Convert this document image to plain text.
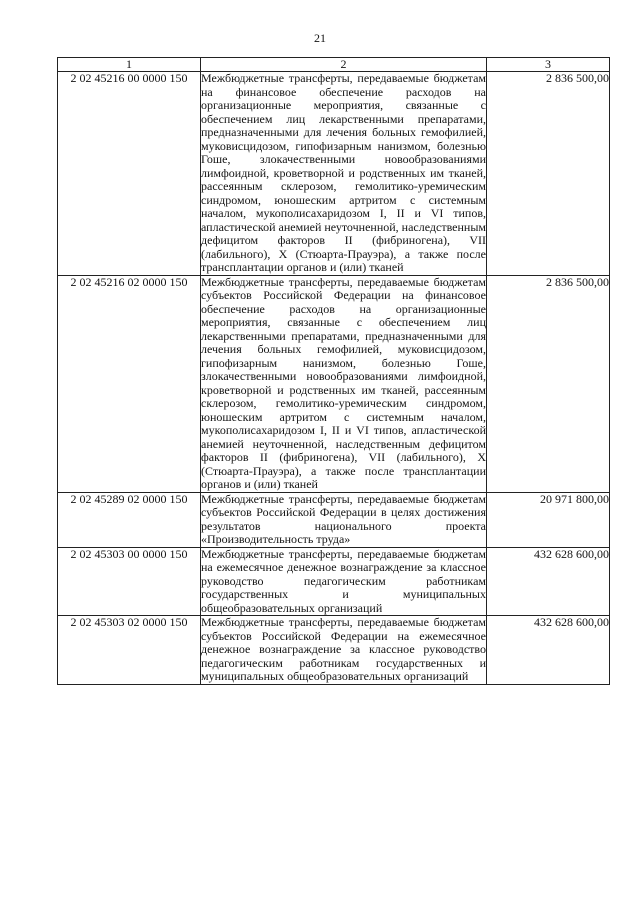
21
1	2	3
2 02 45216 00 0000 150	Межбюджетные трансферты, передаваемые бюджетам на финансовое обеспечение расходов на организационные мероприятия, связанные с обеспечением лиц лекарственными препаратами, предназначенными для лечения больных гемофилией, муковисцидозом, гипофизарным нанизмом, болезнью Гоше, злокачественными новообразованиями лимфоидной, кроветворной и родственных им тканей, рассеянным склерозом, гемолитико-уремическим синдромом, юношеским артритом с системным началом, мукополисахаридозом I, II и VI типов, апластической анемией неуточненной, наследственным дефицитом факторов II (фибриногена), VII (лабильного), X (Стюарта-Прауэра), а также после трансплантации органов и (или) тканей	2 836 500,00
2 02 45216 02 0000 150	Межбюджетные трансферты, передаваемые бюджетам субъектов Российской Федерации на финансовое обеспечение расходов на организационные мероприятия, связанные с обеспечением лиц лекарственными препаратами, предназначенными для лечения больных гемофилией, муковисцидозом, гипофизарным нанизмом, болезнью Гоше, злокачественными новообразованиями лимфоидной, кроветворной и родственных им тканей, рассеянным склерозом, гемолитико-уремическим синдромом, юношеским артритом с системным началом, мукополисахаридозом I, II и VI типов, апластической анемией неуточненной, наследственным дефицитом факторов II (фибриногена), VII (лабильного), X (Стюарта-Прауэра), а также после трансплантации органов и (или) тканей	2 836 500,00
2 02 45289 02 0000 150	Межбюджетные трансферты, передаваемые бюджетам субъектов Российской Федерации в целях достижения результатов национального проекта «Производительность труда»	20 971 800,00
2 02 45303 00 0000 150	Межбюджетные трансферты, передаваемые бюджетам на ежемесячное денежное вознаграждение за классное руководство педагогическим работникам государственных и муниципальных общеобразовательных организаций	432 628 600,00
2 02 45303 02 0000 150	Межбюджетные трансферты, передаваемые бюджетам субъектов Российской Федерации на ежемесячное денежное вознаграждение за классное руководство педагогическим работникам государственных и муниципальных общеобразовательных организаций	432 628 600,00
